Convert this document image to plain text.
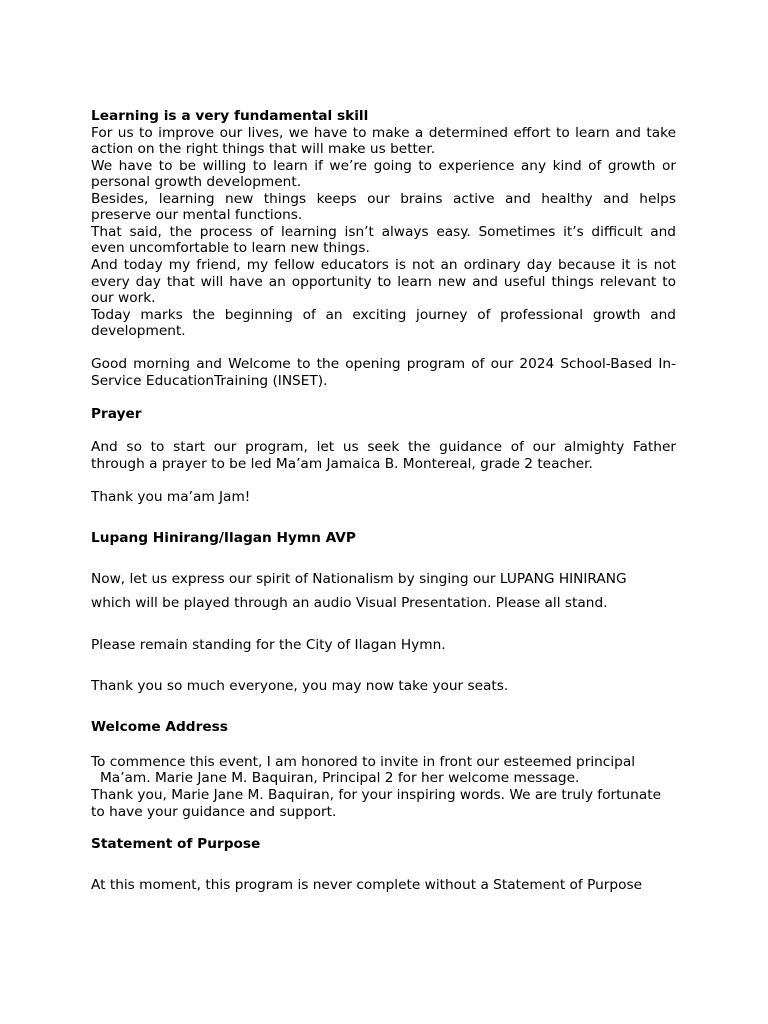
Learning is a very fundamental skill
For us to improve our lives, we have to make a determined effort to learn and take
action on the right things that will make us better.
We have to be willing to learn if we’re going to experience any kind of growth or
personal growth development.
Besides, learning new things keeps our brains active and healthy and helps
preserve our mental functions.
That said, the process of learning isn’t always easy. Sometimes it’s difficult and
even uncomfortable to learn new things.
And today my friend, my fellow educators is not an ordinary day because it is not
every day that will have an opportunity to learn new and useful things relevant to
our work.
Today marks the beginning of an exciting journey of professional growth and
development.
Good morning and Welcome to the opening program of our 2024 School-Based In-
Service EducationTraining (INSET).
Prayer
And so to start our program, let us seek the guidance of our almighty Father
through a prayer to be led Ma’am Jamaica B. Montereal, grade 2 teacher.
Thank you ma’am Jam!
Lupang Hinirang/Ilagan Hymn AVP
Now, let us express our spirit of Nationalism by singing our LUPANG HINIRANG
which will be played through an audio Visual Presentation. Please all stand.
Please remain standing for the City of Ilagan Hymn.
Thank you so much everyone, you may now take your seats.
Welcome Address
To commence this event, I am honored to invite in front our esteemed principal
Ma’am. Marie Jane M. Baquiran, Principal 2 for her welcome message.
Thank you, Marie Jane M. Baquiran, for your inspiring words. We are truly fortunate
to have your guidance and support.
Statement of Purpose
At this moment, this program is never complete without a Statement of Purpose
